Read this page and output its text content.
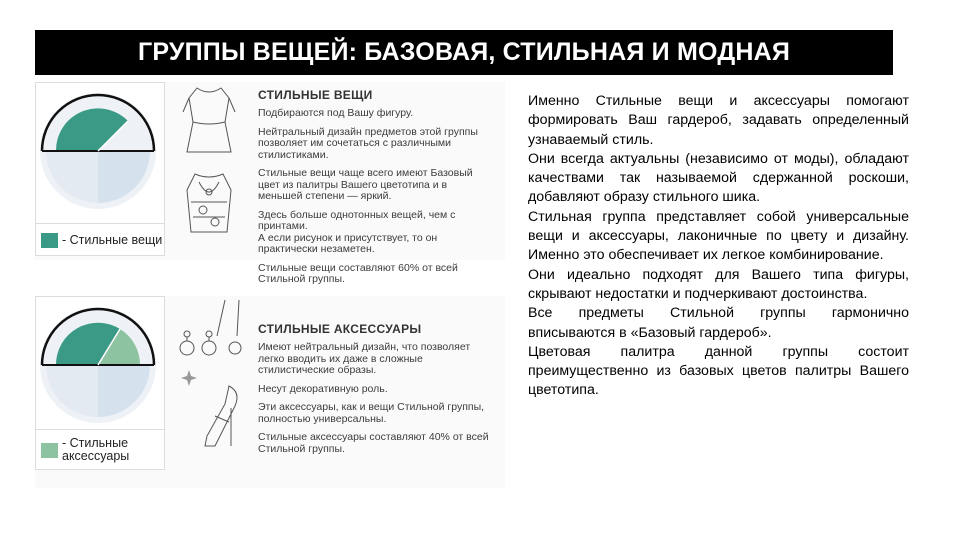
ГРУППЫ ВЕЩЕЙ: БАЗОВАЯ, СТИЛЬНАЯ И МОДНАЯ
- Стильные вещи
СТИЛЬНЫЕ ВЕЩИ
Подбираются под Вашу фигуру.
Нейтральный дизайн предметов этой группы
позволяет им сочетаться с различными
стилистиками.
Стильные вещи чаще всего имеют Базовый
цвет из палитры Вашего цветотипа и в
меньшей степени — яркий.
Здесь больше однотонных вещей, чем с
принтами.
А если рисунок и присутствует, то он
практически незаметен.
Стильные вещи составляют 60% от всей
Стильной группы.
- Стильные аксессуары
СТИЛЬНЫЕ АКСЕССУАРЫ
Имеют нейтральный дизайн, что позволяет
легко вводить их даже в сложные
стилистические образы.
Несут декоративную роль.
Эти аксессуары, как и вещи Стильной группы,
полностью универсальны.
Стильные аксессуары составляют 40% от всей
Стильной группы.

Именно Стильные вещи и аксессуары помогают формировать Ваш гардероб, задавать определенный узнаваемый стиль.

Они всегда актуальны (независимо от моды), обладают качествами так называемой сдержанной роскоши, добавляют образу стильного шика.

Стильная группа представляет собой универсальные вещи и аксессуары, лаконичные по цвету и дизайну. Именно это обеспечивает их легкое комбинирование.

Они идеально подходят для Вашего типа фигуры, скрывают недостатки и подчеркивают достоинства.

Все предметы Стильной группы гармонично вписываются в «Базовый гардероб».

Цветовая палитра данной группы состоит преимущественно из базовых цветов палитры Вашего цветотипа.
